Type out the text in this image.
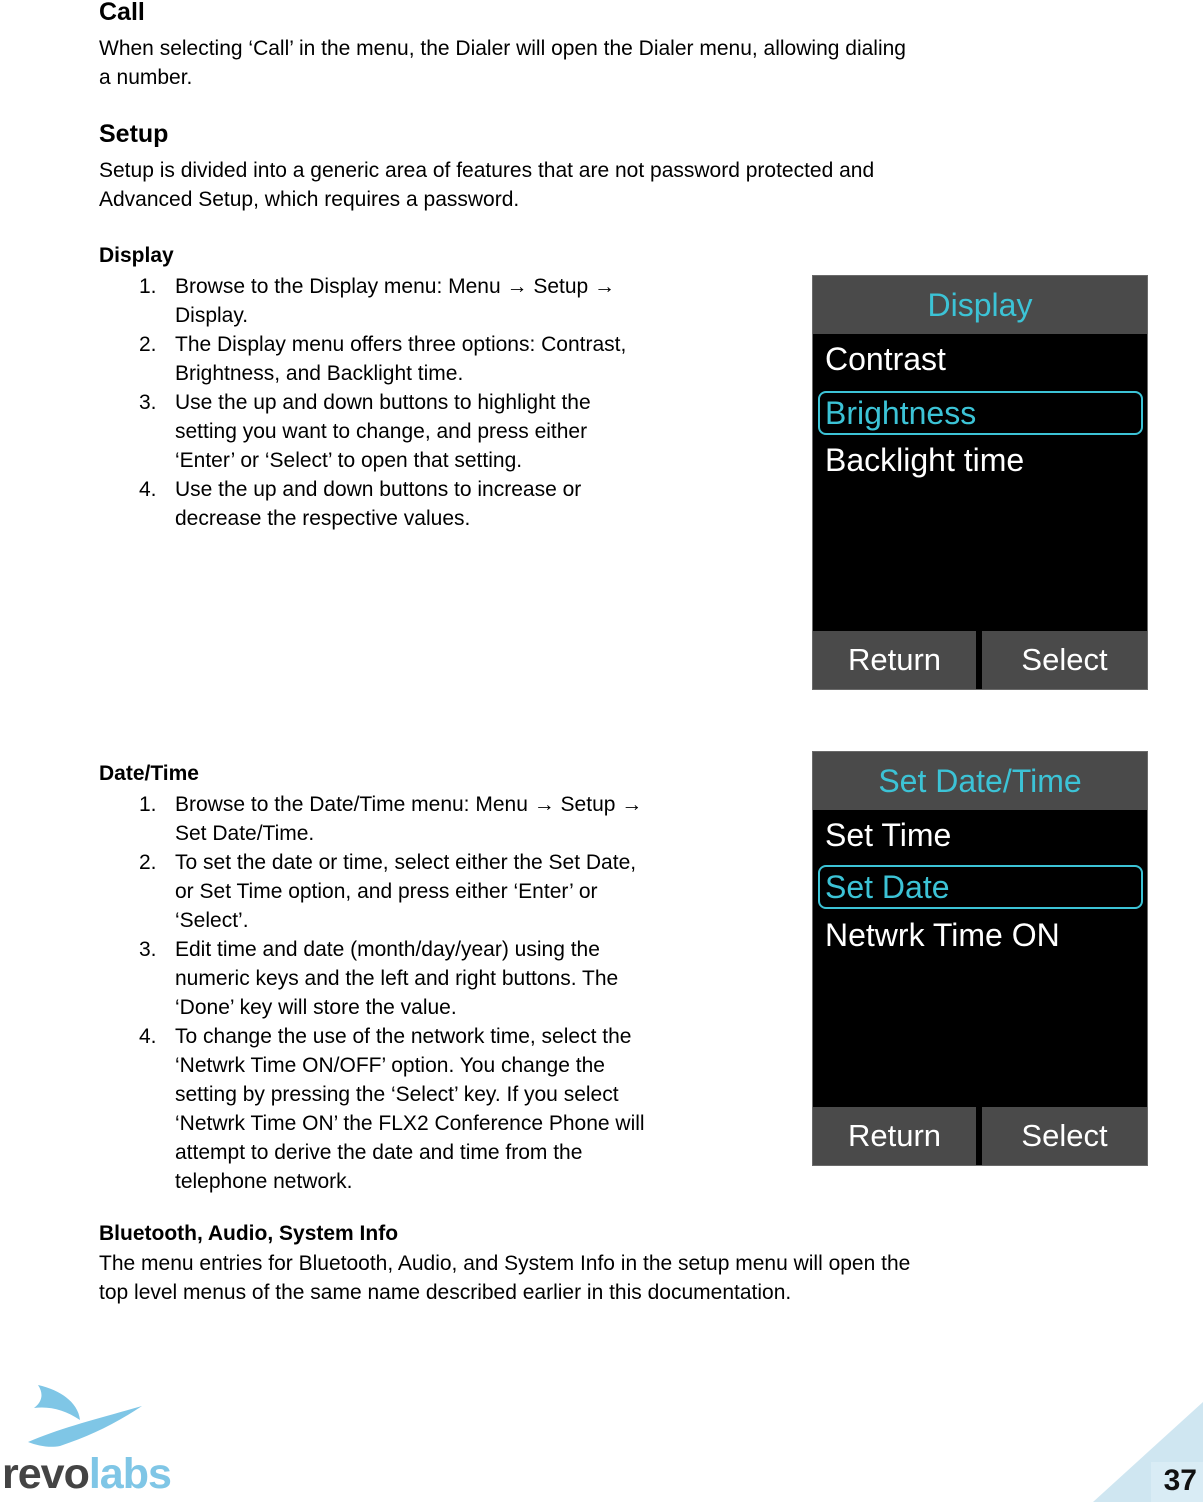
Call

When selecting ‘Call’ in the menu, the Dialer will open the Dialer menu, allowing dialing

a number.

Setup

Setup is divided into a generic area of features that are not password protected and

Advanced Setup, which requires a password.

Display
1. Browse to the Display menu: Menu → Setup →
Display.
2. The Display menu offers three options: Contrast,
Brightness, and Backlight time.
3. Use the up and down buttons to highlight the
setting you want to change, and press either
‘Enter’ or ‘Select’ to open that setting.
4. Use the up and down buttons to increase or
decrease the respective values.
Display
Contrast
Brightness
Backlight time
Return	Select
Date/Time
1. Browse to the Date/Time menu: Menu → Setup →
Set Date/Time.
2. To set the date or time, select either the Set Date,
or Set Time option, and press either ‘Enter’ or
‘Select’.
3. Edit time and date (month/day/year) using the
numeric keys and the left and right buttons. The
‘Done’ key will store the value.
4. To change the use of the network time, select the
‘Netwrk Time ON/OFF’ option. You change the
setting by pressing the ‘Select’ key. If you select
‘Netwrk Time ON’ the FLX2 Conference Phone will
attempt to derive the date and time from the
telephone network.
Set Date/Time
Set Time
Set Date
Netwrk Time ON
Return	Select
Bluetooth, Audio, System Info

The menu entries for Bluetooth, Audio, and System Info in the setup menu will open the

top level menus of the same name described earlier in this documentation.

revolabs	37
